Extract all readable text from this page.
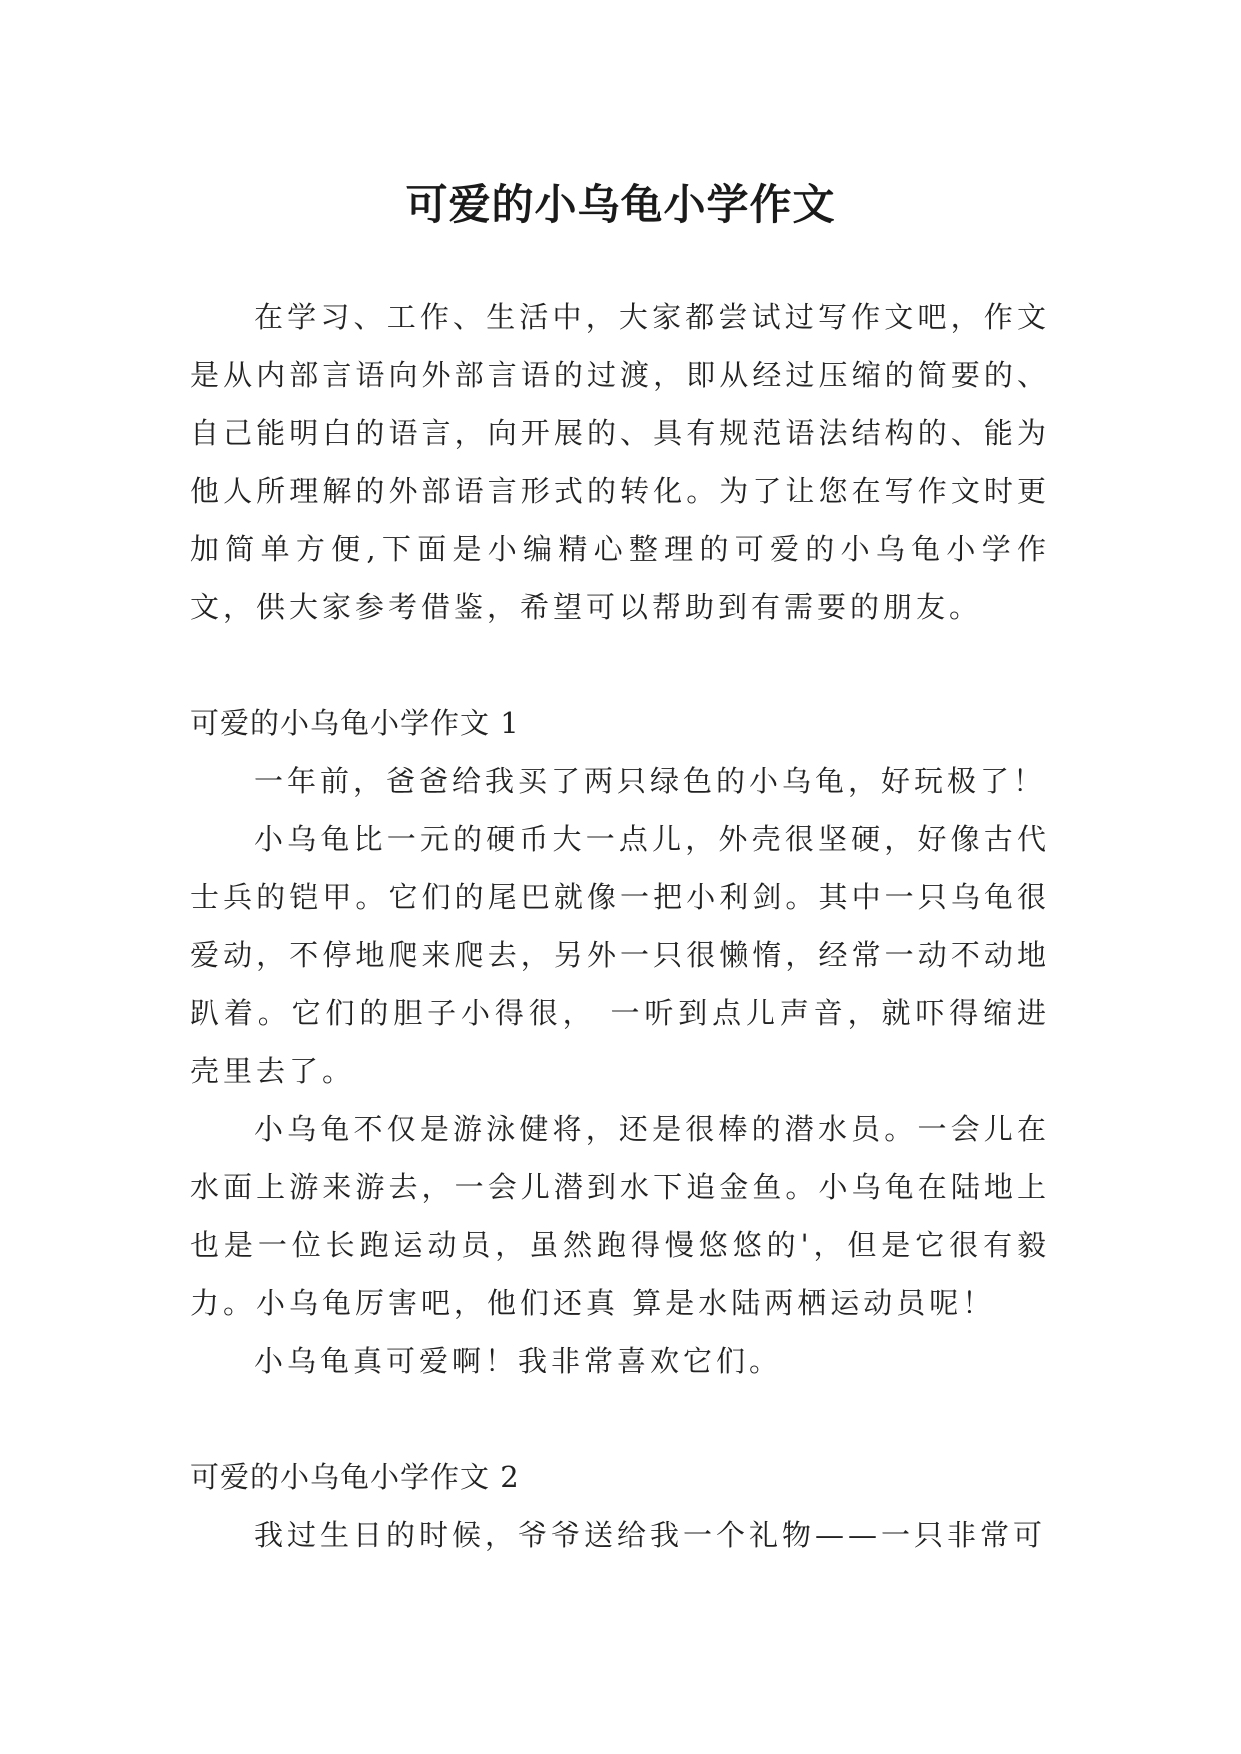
可爱的小乌龟小学作文

在学习、工作、生活中，大家都尝试过写作文吧，作文是从内部言语向外部言语的过渡，即从经过压缩的简要的、自己能明白的语言，向开展的、具有规范语法结构的、能为他人所理解的外部语言形式的转化。为了让您在写作文时更加简单方便,下面是小编精心整理的可爱的小乌龟小学作文，供大家参考借鉴，希望可以帮助到有需要的朋友。

可爱的小乌龟小学作文 1

一年前，爸爸给我买了两只绿色的小乌龟，好玩极了！

小乌龟比一元的硬币大一点儿，外壳很坚硬，好像古代士兵的铠甲。它们的尾巴就像一把小利剑。其中一只乌龟很爱动，不停地爬来爬去，另外一只很懒惰，经常一动不动地趴着。它们的胆子小得很， 一听到点儿声音，就吓得缩进壳里去了。

小乌龟不仅是游泳健将，还是很棒的潜水员。一会儿在水面上游来游去，一会儿潜到水下追金鱼。小乌龟在陆地上也是一位长跑运动员，虽然跑得慢悠悠的'，但是它很有毅力。小乌龟厉害吧，他们还真 算是水陆两栖运动员呢！

小乌龟真可爱啊！我非常喜欢它们。

可爱的小乌龟小学作文 2

我过生日的时候，爷爷送给我一个礼物——一只非常可
